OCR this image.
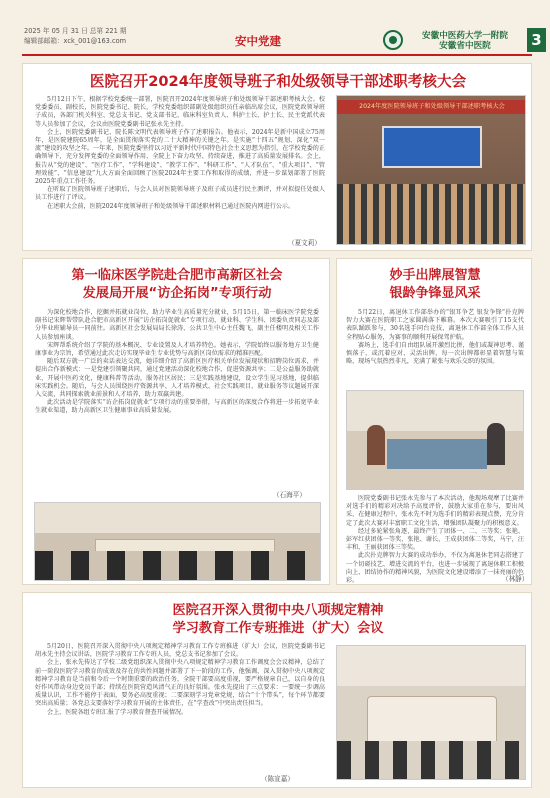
2025 年 05 月 31 日 总第 221 期
编辑部邮箱：xck_001@163.com	安中党建	安徽中医药大学一附院
安徽省中医院	3
医院召开2024年度领导班子和处级领导干部述职考核大会

5月12日下午，根据学校党委统一部署，医院召开2024年度领导班子和处级领导干部述职考核大会。校党委委员、副校长，医院党委书记、院长，学校党委组织部副处级组织员任亲临出席会议，医院党政领导班子成员，各部门机关科室、党总支书记、党支部书记、临床科室负责人、科护士长、护士长、民主党派代表等人员参加了会议，会议由医院党委副书记张永先主持。

会上，医院党委副书记、院长陈文明代表领导班子作了述职报告。他表示，2024年是新中国成立75周年，是医院建院65周年，是全面贯彻落实党的二十大精神的关键之年。是实施“十四五”规划、深化“双一流”建设的攻坚之年。一年来，医院党委坚持以习近平新时代中国特色社会主义思想为指引，在学校党委的正确领导下，充分发挥党委的全面领导作用，全院上下奋力攻坚、持续奋进，推进了高质量发展排名。会上，报告从“党的建设”、“医疗工作”、“学科建设”、“教学工作”、“科研工作”、“人才队伍”、“重大项目”、“管理效能”、“信息建设”九大方面全面回顾了医院2024年主要工作和取得的成绩，并进一步谋划部署了医院2025年重点工作任务。

在听取了医院领导班子述职后，与会人员对医院领导班子及班子成员进行民主测评，并对拟提任处级人员工作进行了评议。

在述职大会前，医院2024年度领导班子和处级领导干部述职材料已通过医院内网进行公示。

（夏文莉）
2024年度医院领导班子和处级领导干部述职考核大会
第一临床医学院赴合肥市高新区社会
发展局开展“访企拓岗”专项行动

为深化校地合作，挖掘并拓就业岗位，助力毕业生高质量充分就业，5月15日，第一临床医学院党委副书记宋辉帮带队赴合肥市高新区开展“访企拓岗促就业”专项行动，就业科、学生科、团委负责同志及部分毕业班辅导员一同前往。高新区社会发展局局长徐涛、公共卫生中心主任魏飞，副主任楼明及相关工作人员参加座谈。

宋辉帮系统介绍了学院的基本概况、专业设置及人才培养特色。她表示，学院始终以服务地方卫生健康事业为宗旨，希望通过此次走访实现毕业生专业优势与高新区岗位需求的精准匹配。

随后双方就一广泛的卖话表达交流，她详细介绍了高新区医疗相关单位发展现状和招聘岗位需求，并提出合作新模式：一是党建引领聚共同，通过党建活动深化校地合作，促进资源共享；二是公益服务助就业，开展中医药文化，健康科普等活动，服务社区居民；三是实践基地建设，设立学生见习基地，提供临床实践机会。随后，与会人员围绕医疗资源共享、人才培养模式、社会实践项目、就业服务等议题展开深入交流，共同探索就业前景和人才培养，助力双赢共建。

此次活动是学院落实“访企拓岗促就业”专项行动的重要举措，与高新区的深度合作将进一步拓宽毕业生就业渠道，助力高新区卫生健康事业高质量发展。

（石海平）
妙手出牌展智慧
银龄争锋显风采

5月22日，离退休工作部举办的“银耳争艺 银发争锋”扑克牌智力大赛在医院职工之家圆满落下帷幕。本次大赛吸引了15支代表队踊跃参与，30名选手同台竞技，离退休工作部全体工作人员全程贴心服务，为赛事的顺利开展保驾护航。

赛场上，选手们自由组队展开激烈比拼，他们或凝神思考、谨慎落子，或沉着应对、灵活出牌，每一次出牌都彰显着智慧与策略，现场气氛热烈非凡，充满了紧张与欢乐交织的氛围。

医院党委副书记张永先参与了本次活动，他现场观摩了比赛并对选手们的精彩对决给予高度评价，鼓励大家重在参与，要出风采，在健康过程中，张永先不时为选手们的精彩表现点赞，充分肯定了此次大赛对丰富职工文化生活，增强团队凝聚力的积极意义。

经过多轮紧张角逐，最终产生了团体一、二、三等奖；张艳、彭军红获团体一等奖，张艳、谢长，王成获团体二等奖，马宁，汪丰和，王丽获团体三等奖。

此次扑克牌智力大赛的成功举办，不仅为离退休老同志搭建了一个切磋技艺、增进交流的平台，也进一步展现了离退休职工积极向上、团结协作的精神风貌，为医院文化建设增添了一抹亮丽的色彩。	（林静）
医院召开深入贯彻中央八项规定精神
学习教育工作专班推进（扩大）会议

5月20日，医院召开深入贯彻中央八项规定精神学习教育工作专班推进（扩大）会议，医院党委副书记胡永先主持会议讲话，医院学习教育工作专班人员，党总支书记参加了会议。

会上，张永先传达了学校二级党组织深入贯彻中央八项规定精神学习教育工作调度会会议精神，总结了前一阶段医院学习教育的成效及存在的共性问题并部署了下一阶段的工作，他强调，深入贯彻中央八项规定精神学习教育是当前和今后一个时期重要的政治任务，全院干部要高度重视，要严格规章自己，以自身的良好作风带动身边党员干部；持续在医院营造风清气正的良好氛围。张永先提出了三点要求：一要统一步调高质量认识，工作不能停于表面，要务必高度重视；二要深刻学习党章党规，结合“十个带头”，每个环节都要突出高质量；各党总支要落好学习教育开展的主体责任，在“学查改”中突出责任担当。

会上，医院各组专班汇报了学习教育督查开展情况。

（陈宣嘉）
